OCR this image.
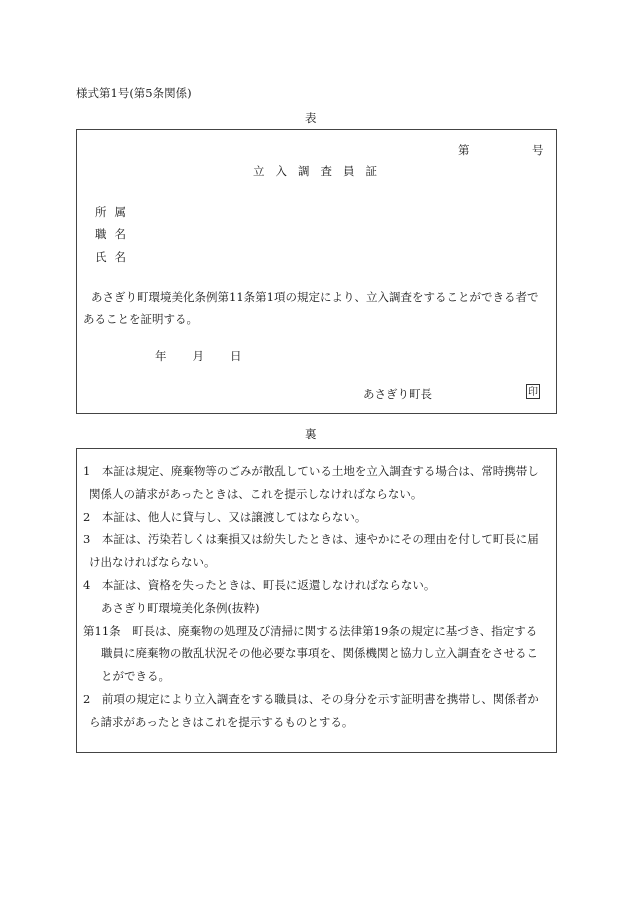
様式第1号(第5条関係)
表
第	号
立入調査員証
所属
職名
氏名
あさぎり町環境美化条例第11条第1項の規定により、立入調査をすることができる者で
あることを証明する。
年 月 日
あさぎり町長	印
裏
1　本証は規定、廃棄物等のごみが散乱している土地を立入調査する場合は、常時携帯し
関係人の請求があったときは、これを提示しなければならない。
2　本証は、他人に貸与し、又は譲渡してはならない。
3　本証は、汚染若しくは棄損又は紛失したときは、速やかにその理由を付して町長に届
け出なければならない。
4　本証は、資格を失ったときは、町長に返還しなければならない。
あさぎり町環境美化条例(抜粋)
第11条　町長は、廃棄物の処理及び清掃に関する法律第19条の規定に基づき、指定する
職員に廃棄物の散乱状況その他必要な事項を、関係機関と協力し立入調査をさせるこ
とができる。
2　前項の規定により立入調査をする職員は、その身分を示す証明書を携帯し、関係者か
ら請求があったときはこれを提示するものとする。
